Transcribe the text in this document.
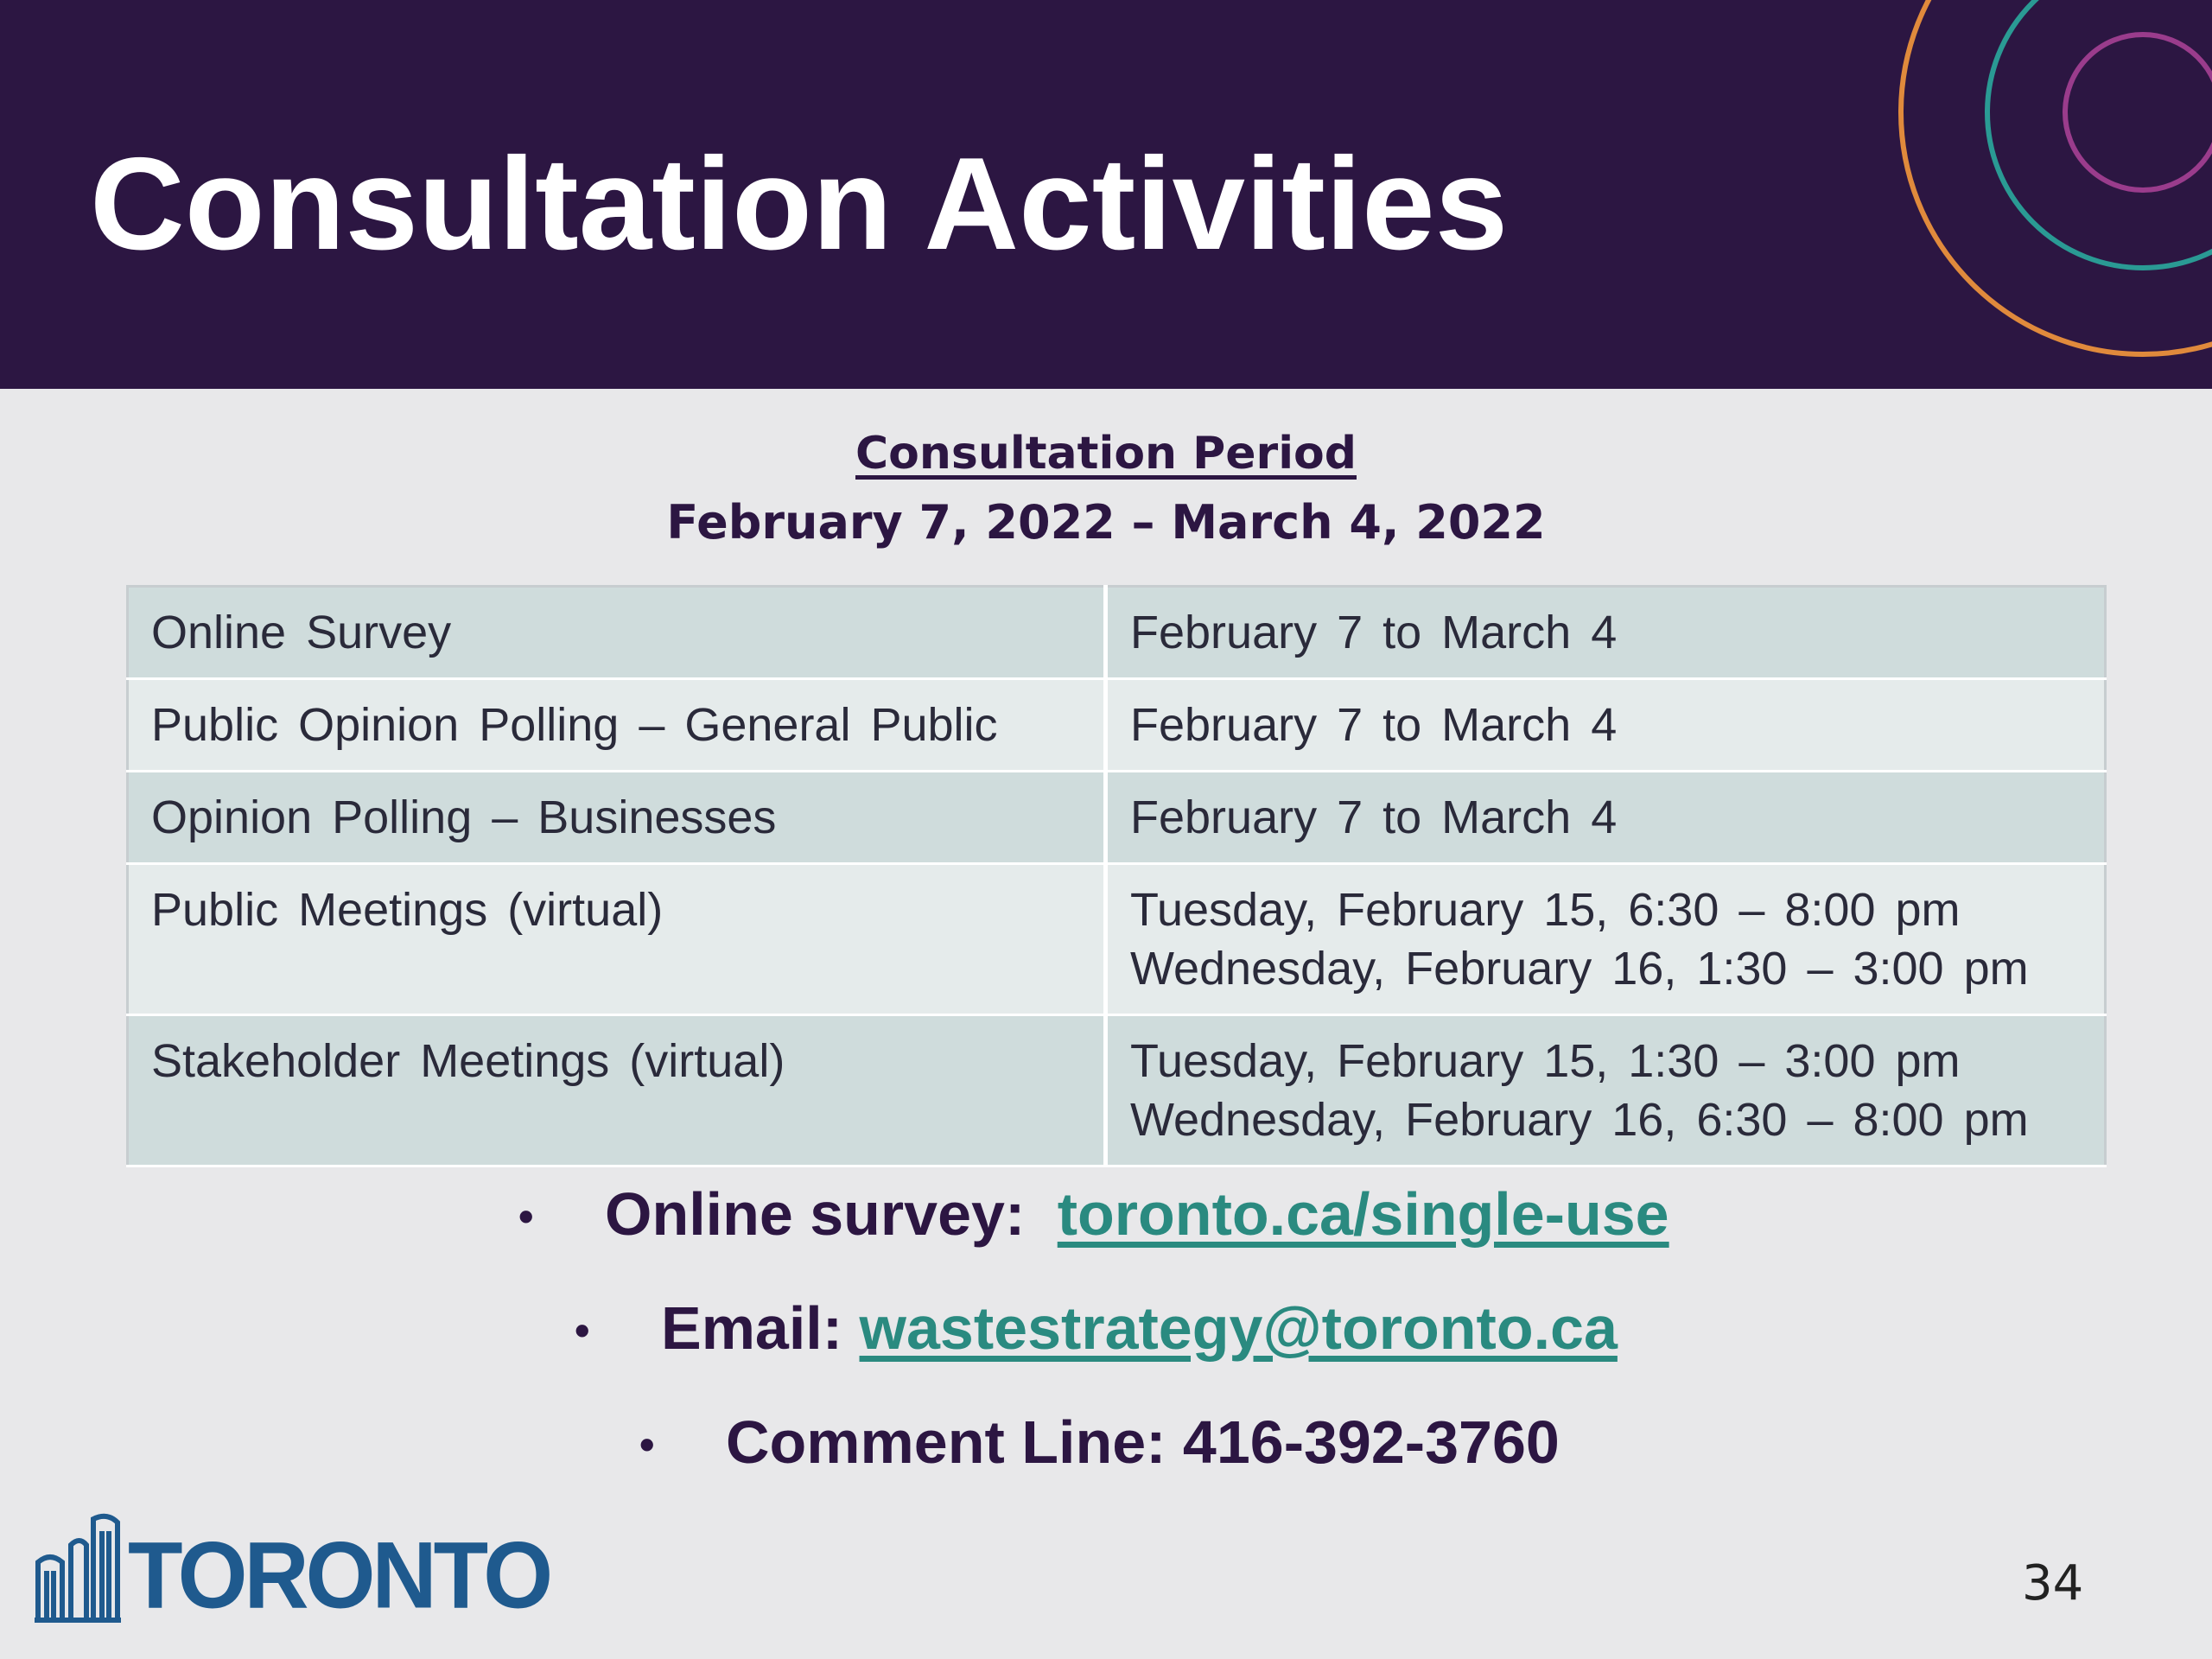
Consultation Activities
Consultation Period
February 7, 2022 – March 4, 2022
Online Survey	February 7 to March 4

Public Opinion Polling – General Public	February 7 to March 4

Opinion Polling – Businesses	February 7 to March 4

Public Meetings (virtual)	Tuesday, February 15, 6:30 – 8:00 pm
Wednesday, February 16, 1:30 – 3:00 pm

Stakeholder Meetings (virtual)	Tuesday, February 15, 1:30 – 3:00 pm
Wednesday, February 16, 6:30 – 8:00 pm
• Online survey: toronto.ca/single-use
• Email: wastestrategy@toronto.ca
• Comment Line: 416-392-3760
TORONTO	34
